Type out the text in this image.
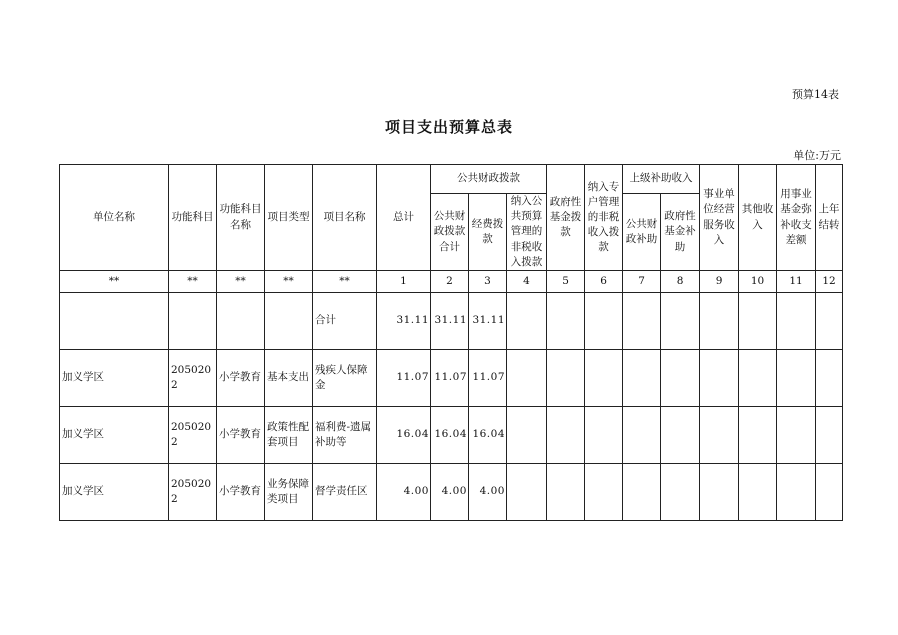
预算14表
项目支出预算总表
单位:万元
单位名称	功能科目	功能科目名称	项目类型	项目名称	总计	公共财政拨款			政府性基金拨款	纳入专户管理的非税收入拨款	上级补助收入		事业单位经营服务收入	其他收入	用事业基金弥补收支差额	上年结转
						公共财政拨款合计	经费拨款	纳入公共预算管理的非税收入拨款			公共财政补助	政府性基金补助				
**	**	**	**	**	1	2	3	4	5	6	7	8	9	10	11	12
				合计	31.11	31.11	31.11									
加义学区	2050202	小学教育	基本支出	残疾人保障金	11.07	11.07	11.07									
加义学区	2050202	小学教育	政策性配套项目	福利费-遗属补助等	16.04	16.04	16.04									
加义学区	2050202	小学教育	业务保障类项目	督学责任区	4.00	4.00	4.00									
